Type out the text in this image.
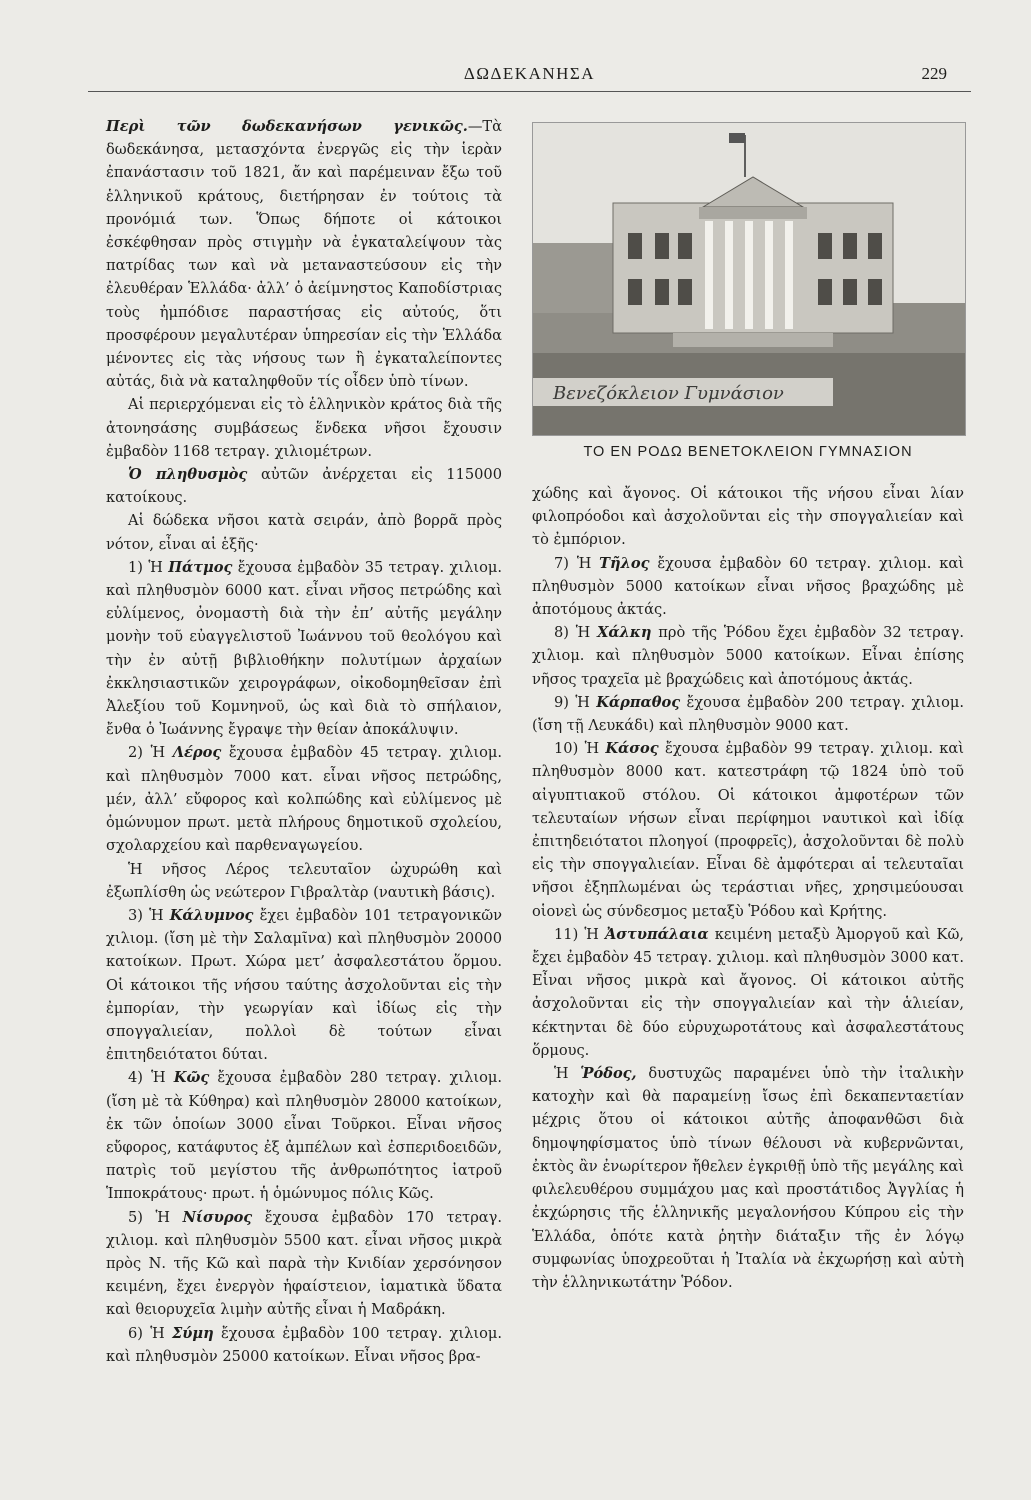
ΔΩΔΕΚΑΝΗΣΑ	229

Περὶ τῶν δωδεκανήσων γενικῶς.—Τὰ δωδεκάνησα, μετασχόντα ἐνεργῶς εἰς τὴν ἱερὰν ἐπανάστασιν τοῦ 1821, ἄν καὶ παρέμειναν ἔξω τοῦ ἑλληνικοῦ κράτους, διετήρησαν ἐν τούτοις τὰ προνόμιά των. Ὅπως δήποτε οἱ κάτοικοι ἐσκέφθησαν πρὸς στιγμὴν νὰ ἐγκαταλείψουν τὰς πατρίδας των καὶ νὰ μεταναστεύσουν εἰς τὴν ἐλευθέραν Ἑλλάδα· ἀλλ’ ὁ ἀείμνηστος Καποδίστριας τοὺς ἠμπόδισε παραστήσας εἰς αὐτούς, ὅτι προσφέρουν μεγαλυτέραν ὑπηρεσίαν εἰς τὴν Ἑλλάδα μένοντες εἰς τὰς νήσους των ἢ ἐγκαταλείποντες αὐτάς, διὰ νὰ καταληφθοῦν τίς οἶδεν ὑπὸ τίνων.

Αἱ περιερχόμεναι εἰς τὸ ἑλληνικὸν κράτος διὰ τῆς ἀτονησάσης συμβάσεως ἕνδεκα νῆσοι ἔχουσιν ἐμβαδὸν 1168 τετραγ. χιλιομέτρων.

Ὁ πληθυσμὸς αὐτῶν ἀνέρχεται εἰς 115000 κατοίκους.

Αἱ δώδεκα νῆσοι κατὰ σειράν, ἀπὸ βορρᾶ πρὸς νότον, εἶναι αἱ ἑξῆς·

1) Ἡ Πάτμος ἔχουσα ἐμβαδὸν 35 τετραγ. χιλιομ. καὶ πληθυσμὸν 6000 κατ. εἶναι νῆσος πετρώδης καὶ εὐλίμενος, ὀνομαστὴ διὰ τὴν ἐπ’ αὐτῆς μεγάλην μονὴν τοῦ εὐαγγελιστοῦ Ἰωάννου τοῦ θεολόγου καὶ τὴν ἐν αὐτῇ βιβλιοθήκην πολυτίμων ἀρχαίων ἐκκλησιαστικῶν χειρογράφων, οἰκοδομηθεῖσαν ἐπὶ Ἀλεξίου τοῦ Κομνηνοῦ, ὡς καὶ διὰ τὸ σπήλαιον, ἔνθα ὁ Ἰωάννης ἔγραψε τὴν θείαν ἀποκάλυψιν.

2) Ἡ Λέρος ἔχουσα ἐμβαδὸν 45 τετραγ. χιλιομ. καὶ πληθυσμὸν 7000 κατ. εἶναι νῆσος πετρώδης, μέν, ἀλλ’ εὔφορος καὶ κολπώδης καὶ εὐλίμενος μὲ ὁμώνυμον πρωτ. μετὰ πλήρους δημοτικοῦ σχολείου, σχολαρχείου καὶ παρθεναγωγείου.

Ἡ νῆσος Λέρος τελευταῖον ὠχυρώθη καὶ ἐξωπλίσθη ὡς νεώτερον Γιβραλτὰρ (ναυτικὴ βάσις).

3) Ἡ Κάλυμνος ἔχει ἐμβαδὸν 101 τετραγονικῶν χιλιομ. (ἴση μὲ τὴν Σαλαμῖνα) καὶ πληθυσμὸν 20000 κατοίκων. Πρωτ. Χώρα μετ’ ἀσφαλεστάτου ὅρμου. Οἱ κάτοικοι τῆς νήσου ταύτης ἀσχολοῦνται εἰς τὴν ἐμπορίαν, τὴν γεωργίαν καὶ ἰδίως εἰς τὴν σπογγαλιείαν, πολλοὶ δὲ τούτων εἶναι ἐπιτηδειότατοι δύται.

4) Ἡ Κῶς ἔχουσα ἐμβαδὸν 280 τετραγ. χιλιομ. (ἴση μὲ τὰ Κύθηρα) καὶ πληθυσμὸν 28000 κατοίκων, ἐκ τῶν ὁποίων 3000 εἶναι Τοῦρκοι. Εἶναι νῆσος εὔφορος, κατάφυτος ἐξ ἀμπέλων καὶ ἐσπεριδοειδῶν, πατρὶς τοῦ μεγίστου τῆς ἀνθρωπότητος ἰατροῦ Ἱπποκράτους· πρωτ. ἡ ὁμώνυμος πόλις Κῶς.

5) Ἡ Νίσυρος ἔχουσα ἐμβαδὸν 170 τετραγ. χιλιομ. καὶ πληθυσμὸν 5500 κατ. εἶναι νῆσος μικρὰ πρὸς Ν. τῆς Κῶ καὶ παρὰ τὴν Κνιδίαν χερσόνησον κειμένη, ἔχει ἐνεργὸν ἡφαίστειον, ἰαματικὰ ὕδατα καὶ θειορυχεῖα λιμὴν αὐτῆς εἶναι ἡ Μαδράκη.

6) Ἡ Σύμη ἔχουσα ἐμβαδὸν 100 τετραγ. χιλιομ. καὶ πληθυσμὸν 25000 κατοίκων. Εἶναι νῆσος βρα-

Βενεζόκλειον Γυμνάσιον
ΤΟ ΕΝ ΡΟΔΩ ΒΕΝΕΤΟΚΛΕΙΟΝ ΓΥΜΝΑΣΙΟΝ

χώδης καὶ ἄγονος. Οἱ κάτοικοι τῆς νήσου εἶναι λίαν φιλοπρόοδοι καὶ ἀσχολοῦνται εἰς τὴν σπογγαλιείαν καὶ τὸ ἐμπόριον.

7) Ἡ Τῆλος ἔχουσα ἐμβαδὸν 60 τετραγ. χιλιομ. καὶ πληθυσμὸν 5000 κατοίκων εἶναι νῆσος βραχώδης μὲ ἀποτόμους ἀκτάς.

8) Ἡ Χάλκη πρὸ τῆς Ῥόδου ἔχει ἐμβαδὸν 32 τετραγ. χιλιομ. καὶ πληθυσμὸν 5000 κατοίκων. Εἶναι ἐπίσης νῆσος τραχεῖα μὲ βραχώδεις καὶ ἀποτόμους ἀκτάς.

9) Ἡ Κάρπαθος ἔχουσα ἐμβαδὸν 200 τετραγ. χιλιομ. (ἴση τῇ Λευκάδι) καὶ πληθυσμὸν 9000 κατ.

10) Ἡ Κάσος ἔχουσα ἐμβαδὸν 99 τετραγ. χιλιομ. καὶ πληθυσμὸν 8000 κατ. κατεστράφη τῷ 1824 ὑπὸ τοῦ αἰγυπτιακοῦ στόλου. Οἱ κάτοικοι ἀμφοτέρων τῶν τελευταίων νήσων εἶναι περίφημοι ναυτικοὶ καὶ ἰδίᾳ ἐπιτηδειότατοι πλοηγοί (προφρεῖς), ἀσχολοῦνται δὲ πολὺ εἰς τὴν σπογγαλιείαν. Εἶναι δὲ ἀμφότεραι αἱ τελευταῖαι νῆσοι ἐξηπλωμέναι ὡς τεράστιαι νῆες, χρησιμεύουσαι οἱονεὶ ὡς σύνδεσμος μεταξὺ Ῥόδου καὶ Κρήτης.

11) Ἡ Ἀστυπάλαια κειμένη μεταξὺ Ἀμοργοῦ καὶ Κῶ, ἔχει ἐμβαδὸν 45 τετραγ. χιλιομ. καὶ πληθυσμὸν 3000 κατ. Εἶναι νῆσος μικρὰ καὶ ἄγονος. Οἱ κάτοικοι αὐτῆς ἀσχολοῦνται εἰς τὴν σπογγαλιείαν καὶ τὴν ἁλιείαν, κέκτηνται δὲ δύο εὐρυχωροτάτους καὶ ἀσφαλεστάτους ὅρμους.

Ἡ Ῥόδος, δυστυχῶς παραμένει ὑπὸ τὴν ἰταλικὴν κατοχὴν καὶ θὰ παραμείνῃ ἴσως ἐπὶ δεκαπενταετίαν μέχρις ὅτου οἱ κάτοικοι αὐτῆς ἀποφανθῶσι διὰ δημοψηφίσματος ὑπὸ τίνων θέλουσι νὰ κυβερνῶνται, ἐκτὸς ἂν ἐνωρίτερον ἤθελεν ἐγκριθῇ ὑπὸ τῆς μεγάλης καὶ φιλελευθέρου συμμάχου μας καὶ προστάτιδος Ἀγγλίας ἡ ἐκχώρησις τῆς ἑλληνικῆς μεγαλονήσου Κύπρου εἰς τὴν Ἑλλάδα, ὁπότε κατὰ ῥητὴν διάταξιν τῆς ἐν λόγῳ συμφωνίας ὑποχρεοῦται ἡ Ἰταλία νὰ ἐκχωρήσῃ καὶ αὐτὴ τὴν ἑλληνικωτάτην Ῥόδον.
